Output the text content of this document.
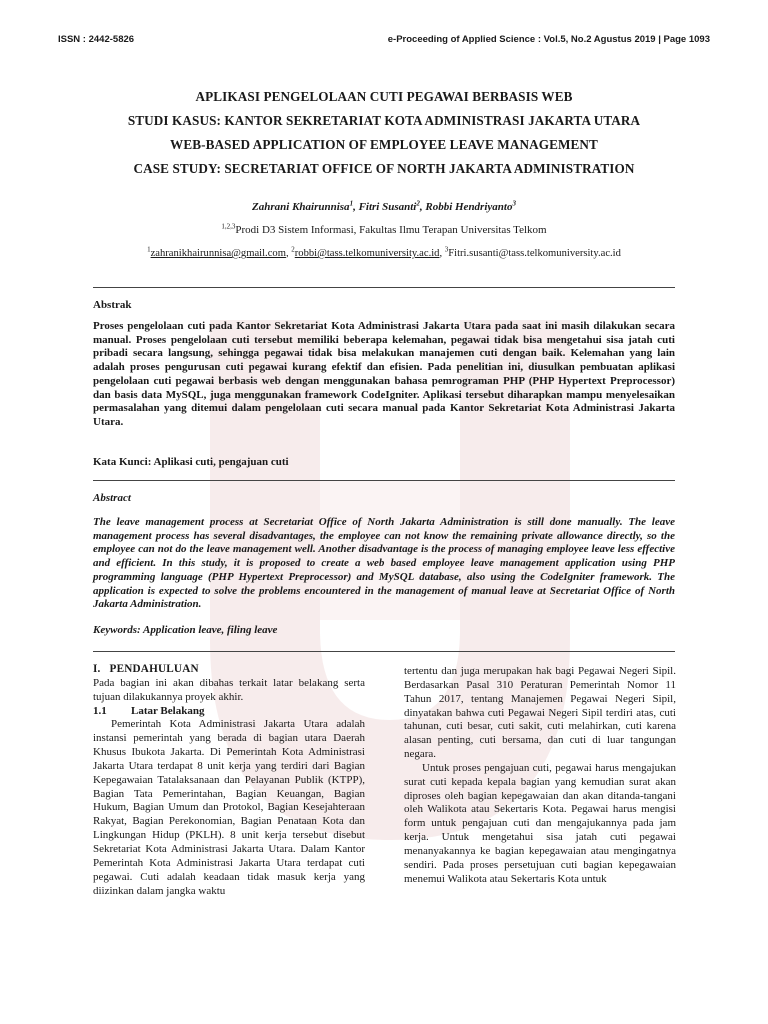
ISSN : 2442-5826	e-Proceeding of Applied Science : Vol.5, No.2 Agustus 2019 | Page 1093
APLIKASI PENGELOLAAN CUTI PEGAWAI BERBASIS WEB
STUDI KASUS: KANTOR SEKRETARIAT KOTA ADMINISTRASI JAKARTA UTARA
WEB-BASED APPLICATION OF EMPLOYEE LEAVE MANAGEMENT
CASE STUDY: SECRETARIAT OFFICE OF NORTH JAKARTA ADMINISTRATION
Zahrani Khairunnisa$^1$, Fitri Susanti$^2$, Robbi Hendriyanto$^3$
$^{1,2,3}$Prodi D3 Sistem Informasi, Fakultas Ilmu Terapan Universitas Telkom
$^1$zahranikhairunnisa@gmail.com, $^2$robbi@tass.telkomuniversity.ac.id, $^3$Fitri.susanti@tass.telkomuniversity.ac.id
Abstrak
Proses pengelolaan cuti pada Kantor Sekretariat Kota Administrasi Jakarta Utara pada saat ini masih dilakukan secara manual. Proses pengelolaan cuti tersebut memiliki beberapa kelemahan, pegawai tidak bisa mengetahui sisa jatah cuti pribadi secara langsung, sehingga pegawai tidak bisa melakukan manajemen cuti dengan baik. Kelemahan yang lain adalah proses pengurusan cuti pegawai kurang efektif dan efisien. Pada penelitian ini, diusulkan pembuatan aplikasi pengelolaan cuti pegawai berbasis web dengan menggunakan bahasa pemrograman PHP (PHP Hypertext Preprocessor) dan basis data MySQL, juga menggunakan framework CodeIgniter. Aplikasi tersebut diharapkan mampu menyelesaikan permasalahan yang ditemui dalam pengelolaan cuti secara manual pada Kantor Sekretariat Kota Administrasi Jakarta Utara.
Kata Kunci: Aplikasi cuti, pengajuan cuti
Abstract
The leave management process at Secretariat Office of North Jakarta Administration is still done manually. The leave management process has several disadvantages, the employee can not know the remaining private allowance directly, so the employee can not do the leave management well. Another disadvantage is the process of managing employee leave less effective and efficient. In this study, it is proposed to create a web based employee leave management application using PHP programming language (PHP Hypertext Preprocessor) and MySQL database, also using the CodeIgniter framework. The application is expected to solve the problems encountered in the management of manual leave at Secretariat Office of North Jakarta Administration.
Keywords: Application leave, filing leave
I.   PENDAHULUAN

Pada bagian ini akan dibahas terkait latar belakang serta tujuan dilakukannya proyek akhir.

1.1 Latar Belakang

Pemerintah Kota Administrasi Jakarta Utara adalah instansi pemerintah yang berada di bagian utara Daerah Khusus Ibukota Jakarta. Di Pemerintah Kota Administrasi Jakarta Utara terdapat 8 unit kerja yang terdiri dari Bagian Kepegawaian Tatalaksanaan dan Pelayanan Publik (KTPP), Bagian Tata Pemerintahan, Bagian Keuangan, Bagian Hukum, Bagian Umum dan Protokol, Bagian Kesejahteraan Rakyat, Bagian Perekonomian, Bagian Penataan Kota dan Lingkungan Hidup (PKLH). 8 unit kerja tersebut disebut Sekretariat Kota Administrasi Jakarta Utara. Dalam Kantor Pemerintah Kota Administrasi Jakarta Utara terdapat cuti pegawai. Cuti adalah keadaan tidak masuk kerja yang diizinkan dalam jangka waktu

tertentu dan juga merupakan hak bagi Pegawai Negeri Sipil. Berdasarkan Pasal 310 Peraturan Pemerintah Nomor 11 Tahun 2017, tentang Manajemen Pegawai Negeri Sipil, dinyatakan bahwa cuti Pegawai Negeri Sipil terdiri atas, cuti tahunan, cuti besar, cuti sakit, cuti melahirkan, cuti karena alasan penting, cuti bersama, dan cuti di luar tangungan negara.

Untuk proses pengajuan cuti, pegawai harus mengajukan surat cuti kepada kepala bagian yang kemudian surat akan diproses oleh bagian kepegawaian dan akan ditanda-tangani oleh Walikota atau Sekertaris Kota. Pegawai harus mengisi form untuk pengajuan cuti dan mengajukannya pada jam kerja. Untuk mengetahui sisa jatah cuti pegawai menanyakannya ke bagian kepegawaian atau mengingatnya sendiri. Pada proses persetujuan cuti bagian kepegawaian menemui Walikota atau Sekertaris Kota untuk
